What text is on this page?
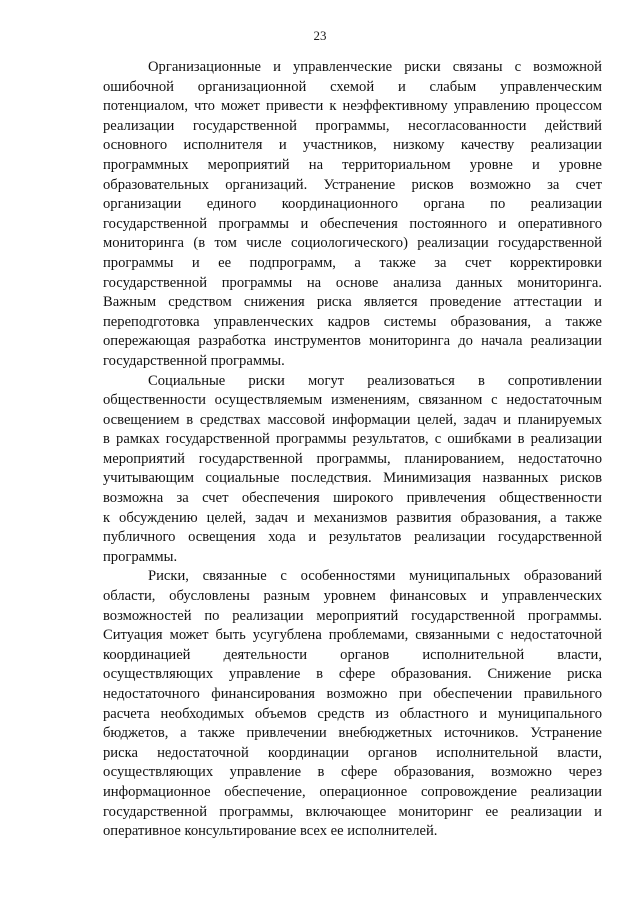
23
Организационные и управленческие риски связаны с возможной
ошибочной организационной схемой и слабым управленческим
потенциалом, что может привести к неэффективному управлению процессом
реализации государственной программы, несогласованности действий
основного исполнителя и участников, низкому качеству реализации
программных мероприятий на территориальном уровне и уровне
образовательных организаций. Устранение рисков возможно за счет
организации единого координационного органа по реализации
государственной программы и обеспечения постоянного и оперативного
мониторинга (в том числе социологического) реализации государственной
программы и ее подпрограмм, а также за счет корректировки
государственной программы на основе анализа данных мониторинга.
Важным средством снижения риска является проведение аттестации и
переподготовка управленческих кадров системы образования, а также
опережающая разработка инструментов мониторинга до начала реализации
государственной программы.
Социальные риски могут реализоваться в сопротивлении
общественности осуществляемым изменениям, связанном с недостаточным
освещением в средствах массовой информации целей, задач и планируемых
в рамках государственной программы результатов, с ошибками в реализации
мероприятий государственной программы, планированием, недостаточно
учитывающим социальные последствия. Минимизация названных рисков
возможна за счет обеспечения широкого привлечения общественности
к обсуждению целей, задач и механизмов развития образования, а также
публичного освещения хода и результатов реализации государственной
программы.
Риски, связанные с особенностями муниципальных образований
области, обусловлены разным уровнем финансовых и управленческих
возможностей по реализации мероприятий государственной программы.
Ситуация может быть усугублена проблемами, связанными с недостаточной
координацией деятельности органов исполнительной власти,
осуществляющих управление в сфере образования. Снижение риска
недостаточного финансирования возможно при обеспечении правильного
расчета необходимых объемов средств из областного и муниципального
бюджетов, а также привлечении внебюджетных источников. Устранение
риска недостаточной координации органов исполнительной власти,
осуществляющих управление в сфере образования, возможно через
информационное обеспечение, операционное сопровождение реализации
государственной программы, включающее мониторинг ее реализации и
оперативное консультирование всех ее исполнителей.
